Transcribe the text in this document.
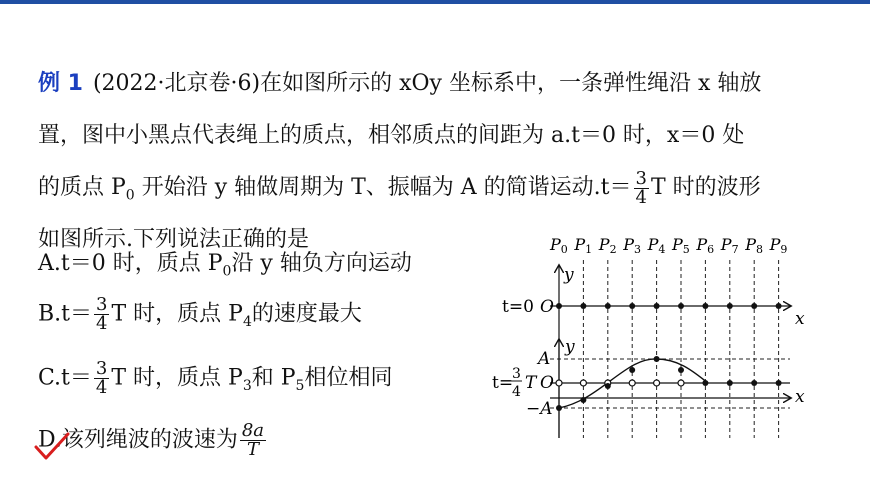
例 1 (2022·北京卷·6)在如图所示的 xOy 坐标系中，一条弹性绳沿 x 轴放
置，图中小黑点代表绳上的质点，相邻质点的间距为 a.t＝0 时，x＝0 处
的质点 $P_0$ 开始沿 y 轴做周期为 T、振幅为 A 的简谐运动$.t= \frac{3}{4}$ T 时的波形
如图所示.下列说法正确的是
A.t＝0 时，质点 $P_0$沿 y 轴负方向运动
$B.t= \frac{3}{4}$ T 时，质点 $P_4$的速度最大
$C.t= \frac{3}{4}$ T 时，质点 $P_3$和 $P_5$相位相同
D.该列绳波的波速为 $\frac{8a}{T}$
P0 P1 P2 P3 P4 P5 P6 P7 P8 P9
x
y
x
y
t=0 O
t=
3
4 T O
A
−A
